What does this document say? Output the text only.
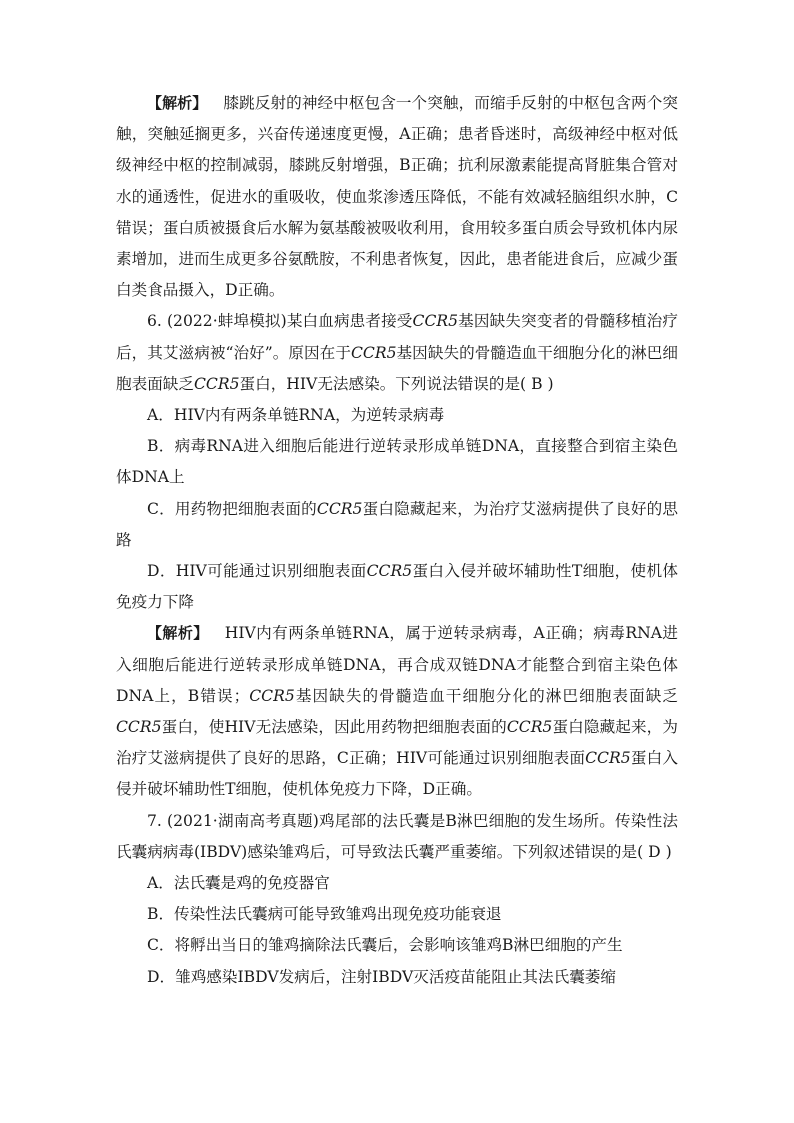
【解析】 膝跳反射的神经中枢包含一个突触，而缩手反射的中枢包含两个突触，突触延搁更多，兴奋传递速度更慢，A正确；患者昏迷时，高级神经中枢对低级神经中枢的控制减弱，膝跳反射增强，B正确；抗利尿激素能提高肾脏集合管对水的通透性，促进水的重吸收，使血浆渗透压降低，不能有效减轻脑组织水肿，C错误；蛋白质被摄食后水解为氨基酸被吸收利用，食用较多蛋白质会导致机体内尿素增加，进而生成更多谷氨酰胺，不利患者恢复，因此，患者能进食后，应减少蛋白类食品摄入，D正确。

6. (2022·蚌埠模拟)某白血病患者接受CCR5基因缺失突变者的骨髓移植治疗后，其艾滋病被“治好”。原因在于CCR5基因缺失的骨髓造血干细胞分化的淋巴细胞表面缺乏CCR5蛋白，HIV无法感染。下列说法错误的是( B )

A．HIV内有两条单链RNA，为逆转录病毒

B．病毒RNA进入细胞后能进行逆转录形成单链DNA，直接整合到宿主染色体DNA上

C．用药物把细胞表面的CCR5蛋白隐藏起来，为治疗艾滋病提供了良好的思路

D．HIV可能通过识别细胞表面CCR5蛋白入侵并破坏辅助性T细胞，使机体免疫力下降

【解析】 HIV内有两条单链RNA，属于逆转录病毒，A正确；病毒RNA进入细胞后能进行逆转录形成单链DNA，再合成双链DNA才能整合到宿主染色体DNA上，B错误；CCR5基因缺失的骨髓造血干细胞分化的淋巴细胞表面缺乏CCR5蛋白，使HIV无法感染，因此用药物把细胞表面的CCR5蛋白隐藏起来，为治疗艾滋病提供了良好的思路，C正确；HIV可能通过识别细胞表面CCR5蛋白入侵并破坏辅助性T细胞，使机体免疫力下降，D正确。

7. (2021·湖南高考真题)鸡尾部的法氏囊是B淋巴细胞的发生场所。传染性法氏囊病病毒(IBDV)感染雏鸡后，可导致法氏囊严重萎缩。下列叙述错误的是( D )

A．法氏囊是鸡的免疫器官

B．传染性法氏囊病可能导致雏鸡出现免疫功能衰退

C．将孵出当日的雏鸡摘除法氏囊后，会影响该雏鸡B淋巴细胞的产生

D．雏鸡感染IBDV发病后，注射IBDV灭活疫苗能阻止其法氏囊萎缩
